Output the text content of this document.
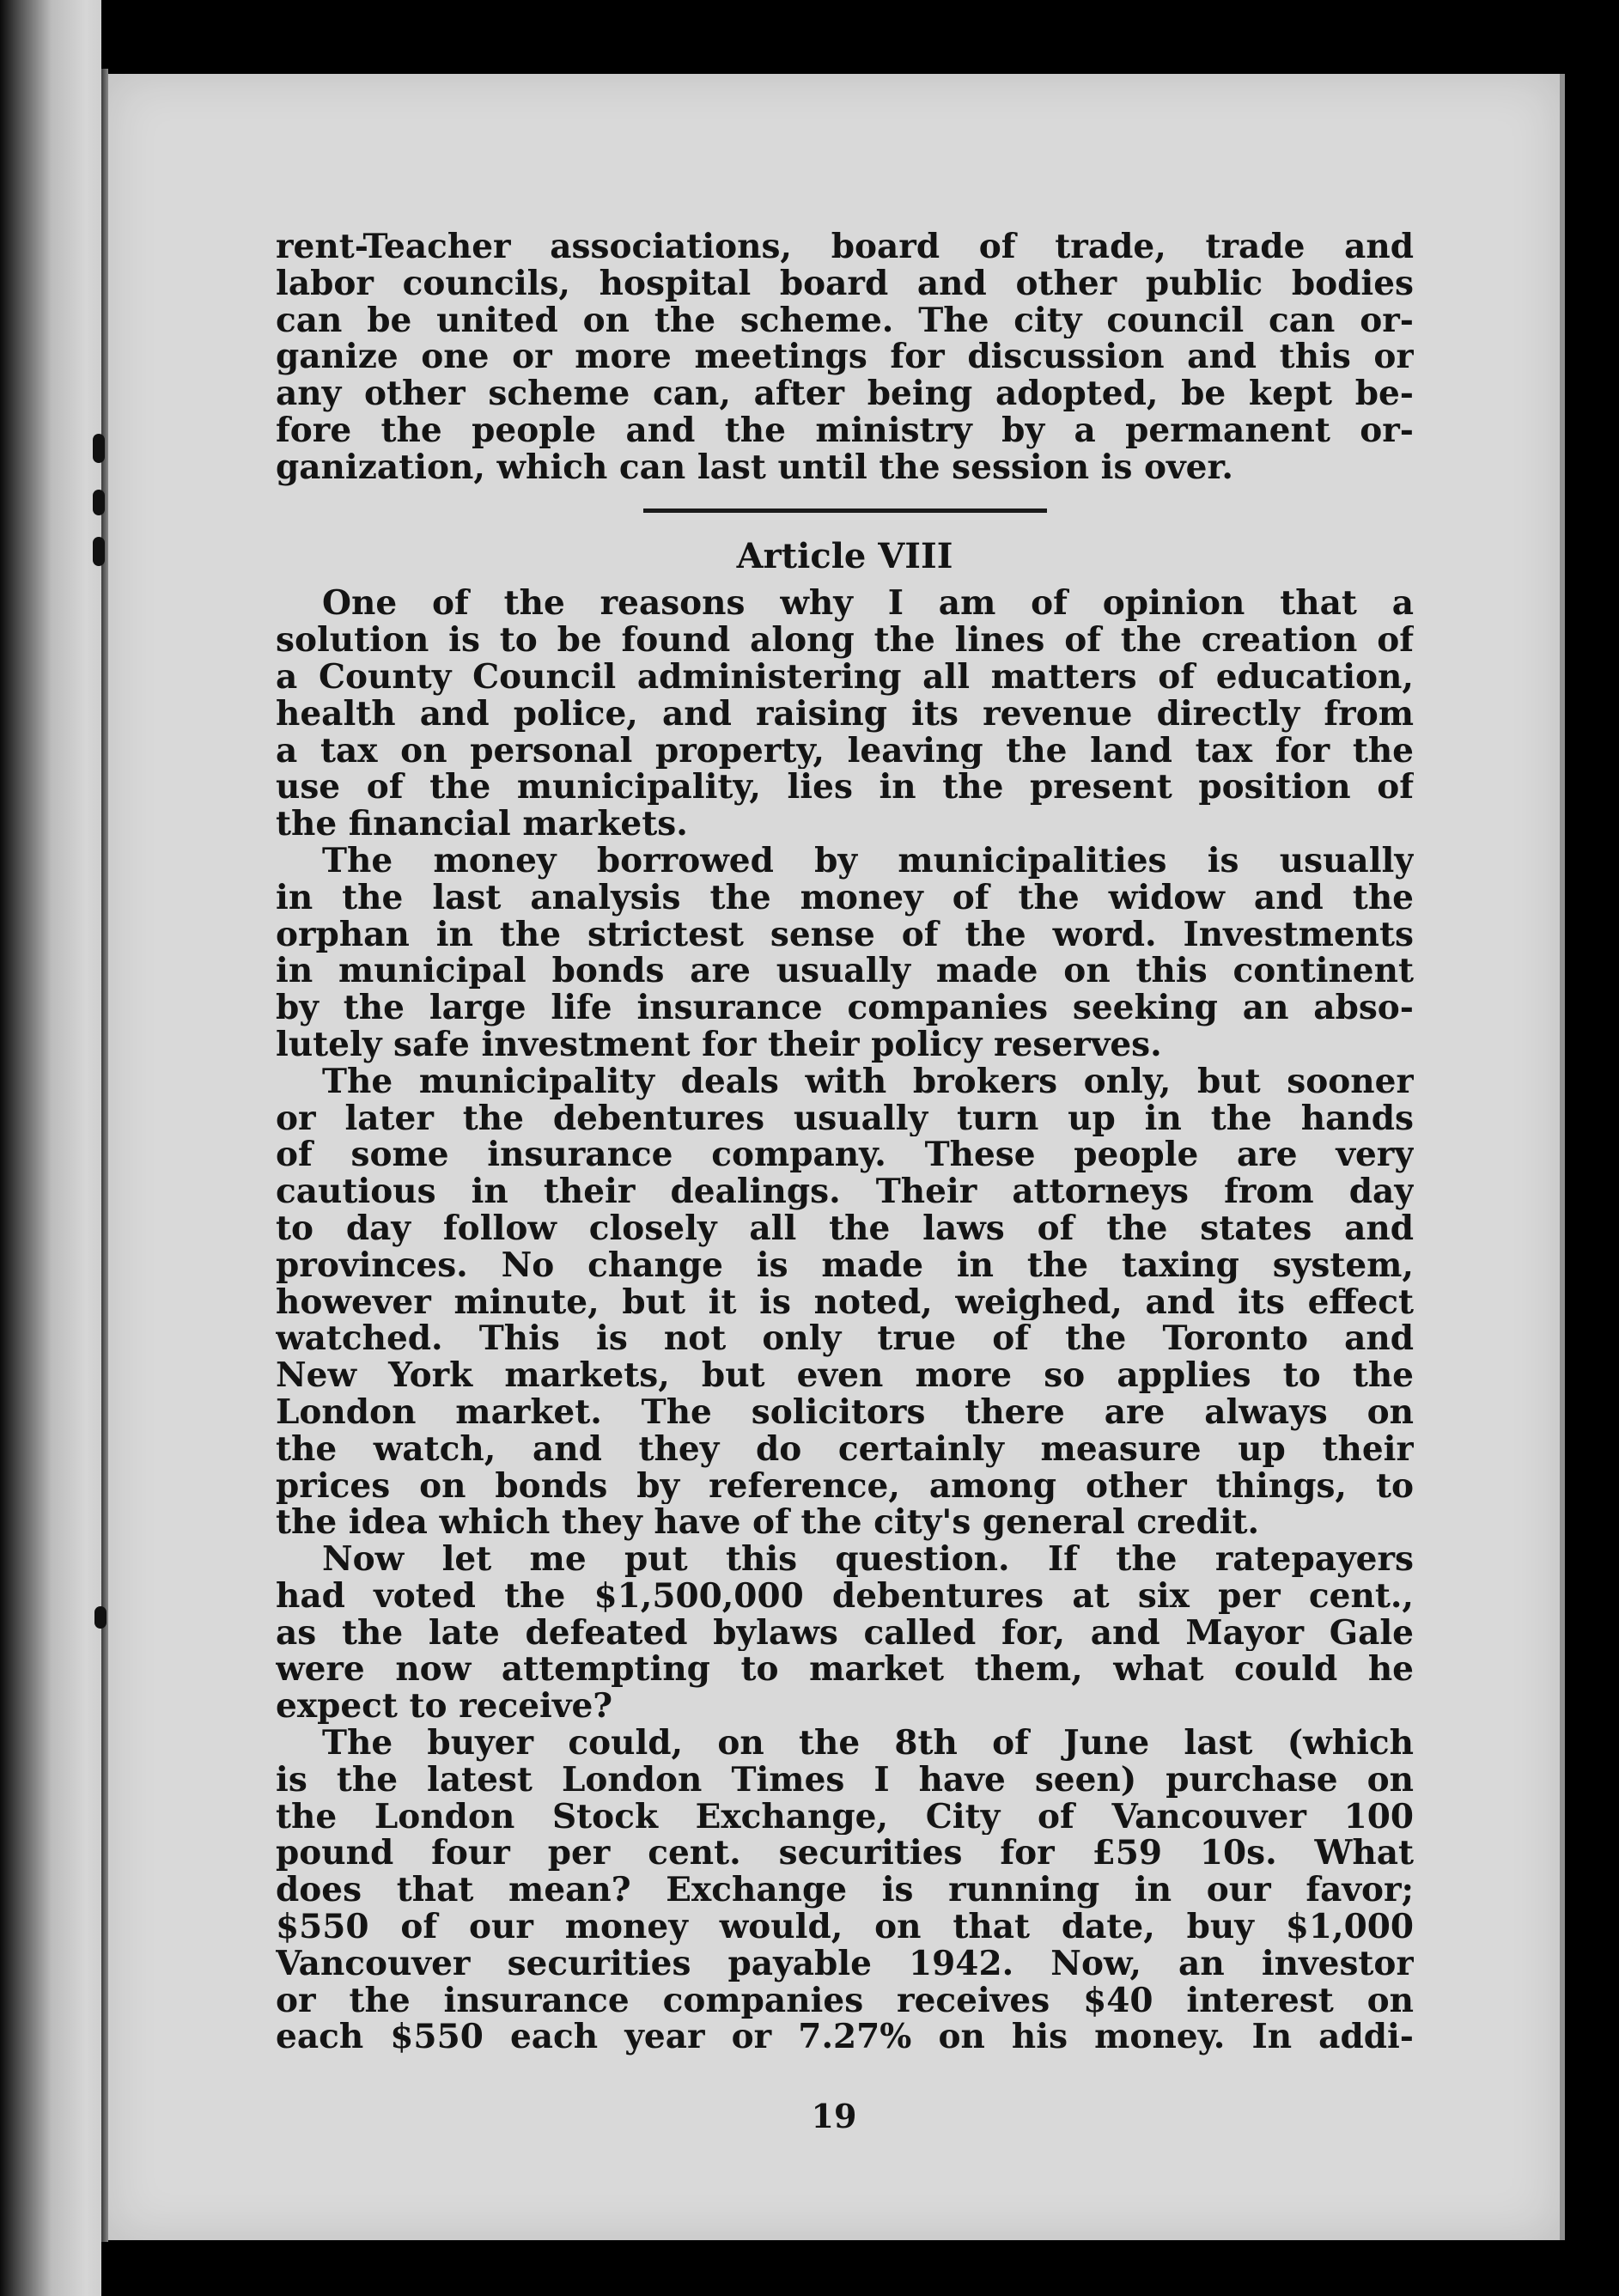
rent-Teacher associations, board of trade, trade and
labor councils, hospital board and other public bodies
can be united on the scheme. The city council can or-
ganize one or more meetings for discussion and this or
any other scheme can, after being adopted, be kept be-
fore the people and the ministry by a permanent or-
ganization, which can last until the session is over.
Article VIII
One of the reasons why I am of opinion that a
solution is to be found along the lines of the creation of
a County Council administering all matters of education,
health and police, and raising its revenue directly from
a tax on personal property, leaving the land tax for the
use of the municipality, lies in the present position of
the financial markets.
The money borrowed by municipalities is usually
in the last analysis the money of the widow and the
orphan in the strictest sense of the word. Investments
in municipal bonds are usually made on this continent
by the large life insurance companies seeking an abso-
lutely safe investment for their policy reserves.
The municipality deals with brokers only, but sooner
or later the debentures usually turn up in the hands
of some insurance company. These people are very
cautious in their dealings. Their attorneys from day
to day follow closely all the laws of the states and
provinces. No change is made in the taxing system,
however minute, but it is noted, weighed, and its effect
watched. This is not only true of the Toronto and
New York markets, but even more so applies to the
London market. The solicitors there are always on
the watch, and they do certainly measure up their
prices on bonds by reference, among other things, to
the idea which they have of the city's general credit.
Now let me put this question. If the ratepayers
had voted the $1,500,000 debentures at six per cent.,
as the late defeated bylaws called for, and Mayor Gale
were now attempting to market them, what could he
expect to receive?
The buyer could, on the 8th of June last (which
is the latest London Times I have seen) purchase on
the London Stock Exchange, City of Vancouver 100
pound four per cent. securities for £59 10s. What
does that mean? Exchange is running in our favor;
$550 of our money would, on that date, buy $1,000
Vancouver securities payable 1942. Now, an investor
or the insurance companies receives $40 interest on
each $550 each year or 7.27% on his money. In addi-
19
